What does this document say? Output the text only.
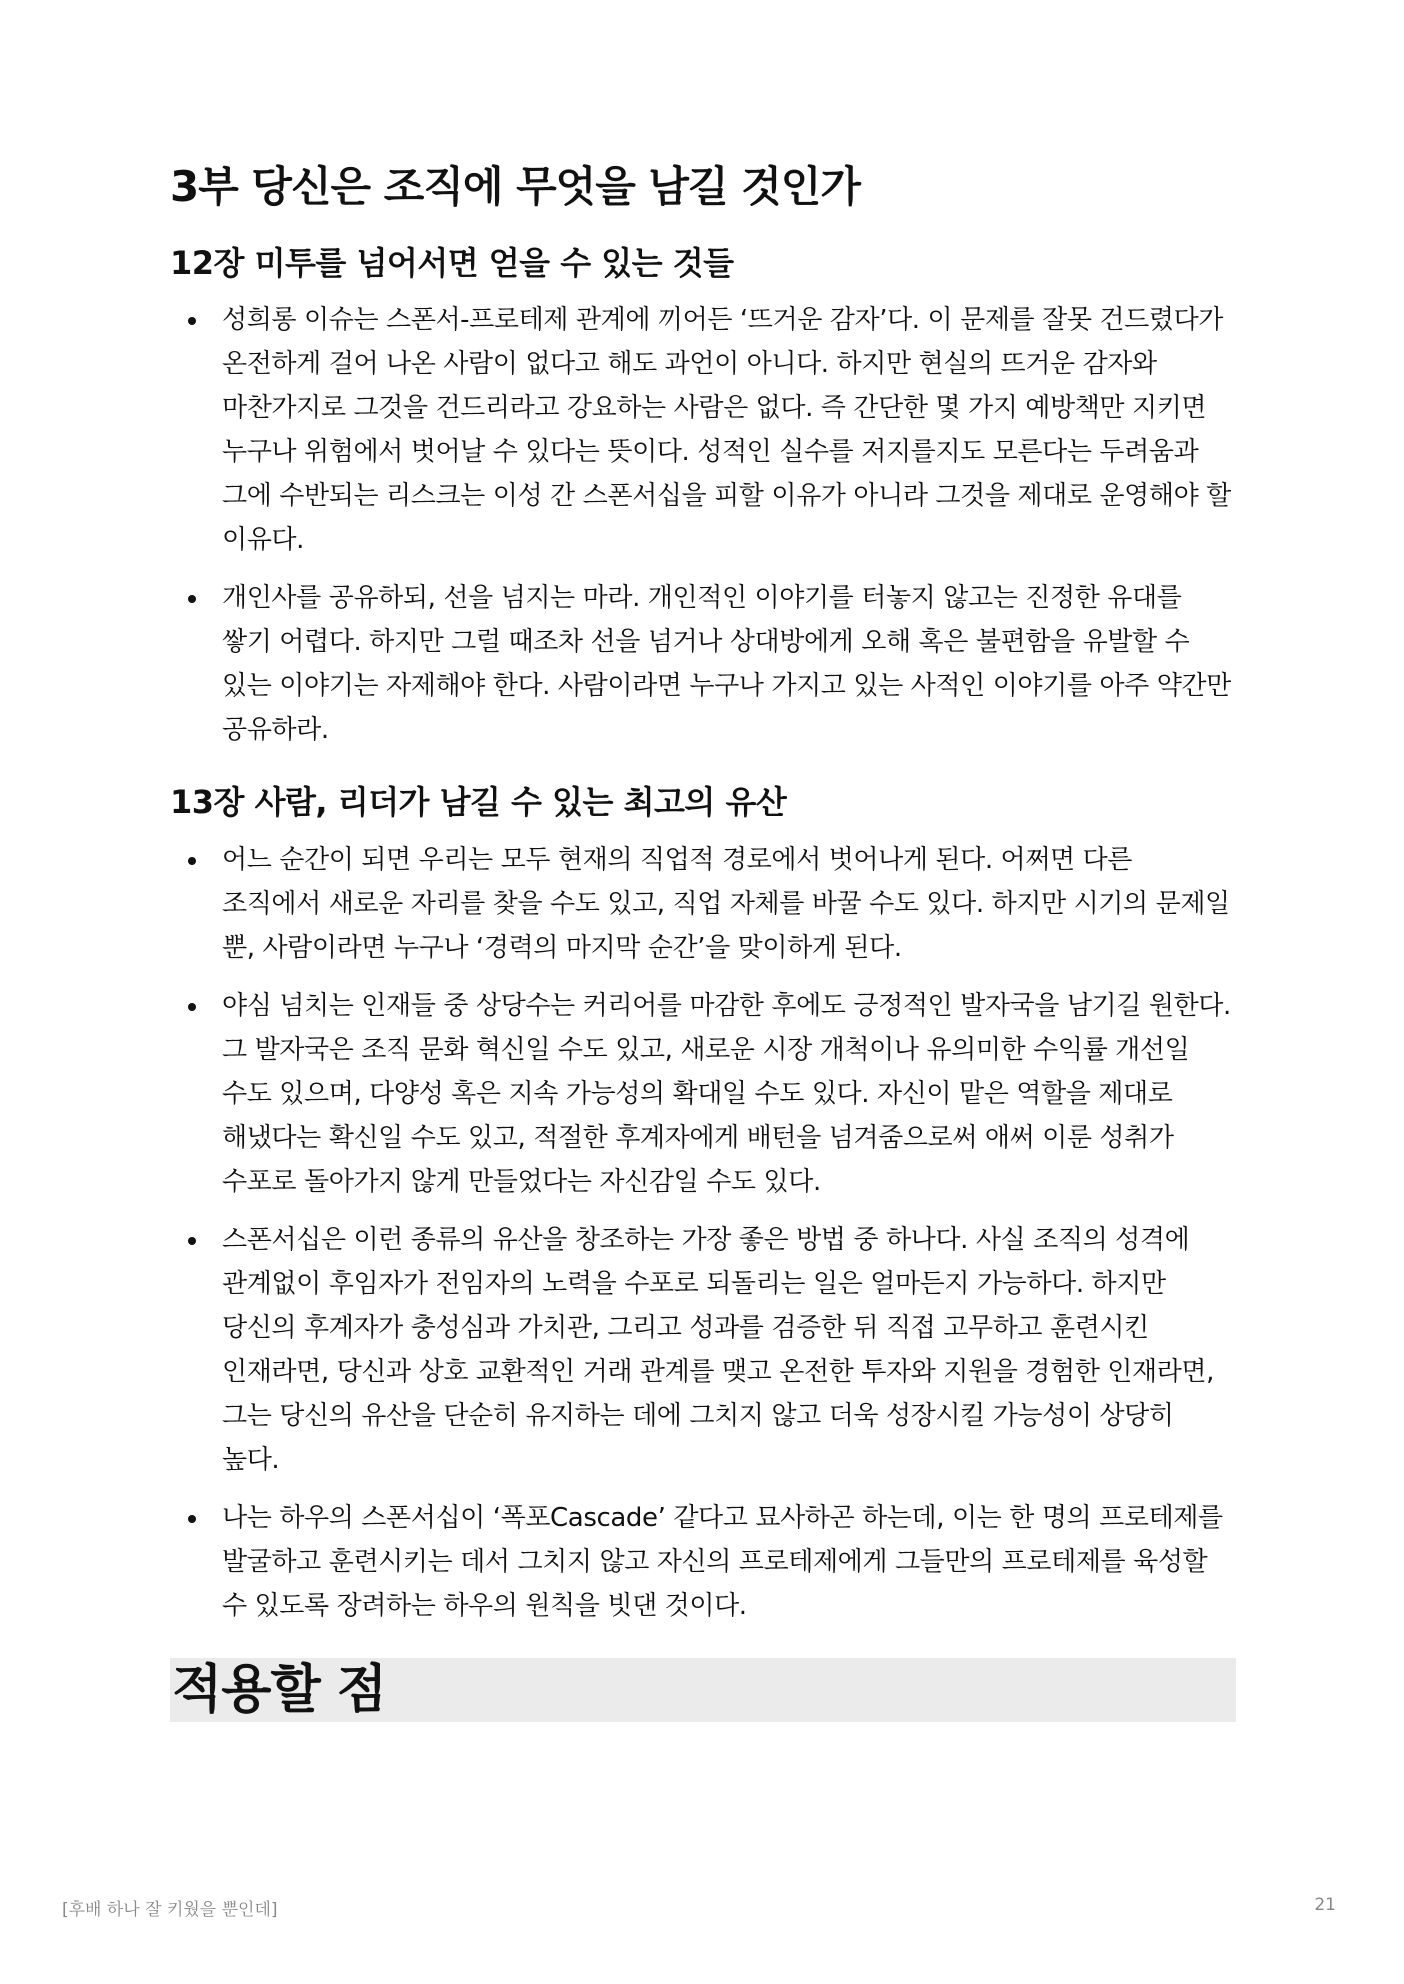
3부 당신은 조직에 무엇을 남길 것인가
12장 미투를 넘어서면 얻을 수 있는 것들
성희롱 이슈는 스폰서-프로테제 관계에 끼어든 ‘뜨거운 감자’다. 이 문제를 잘못 건드렸다가 온전하게 걸어 나온 사람이 없다고 해도 과언이 아니다. 하지만 현실의 뜨거운 감자와 마찬가지로 그것을 건드리라고 강요하는 사람은 없다. 즉 간단한 몇 가지 예방책만 지키면 누구나 위험에서 벗어날 수 있다는 뜻이다. 성적인 실수를 저지를지도 모른다는 두려움과 그에 수반되는 리스크는 이성 간 스폰서십을 피할 이유가 아니라 그것을 제대로 운영해야 할 이유다.
개인사를 공유하되, 선을 넘지는 마라. 개인적인 이야기를 터놓지 않고는 진정한 유대를 쌓기 어렵다. 하지만 그럴 때조차 선을 넘거나 상대방에게 오해 혹은 불편함을 유발할 수 있는 이야기는 자제해야 한다. 사람이라면 누구나 가지고 있는 사적인 이야기를 아주 약간만 공유하라.
13장 사람, 리더가 남길 수 있는 최고의 유산
어느 순간이 되면 우리는 모두 현재의 직업적 경로에서 벗어나게 된다. 어쩌면 다른 조직에서 새로운 자리를 찾을 수도 있고, 직업 자체를 바꿀 수도 있다. 하지만 시기의 문제일 뿐, 사람이라면 누구나 ‘경력의 마지막 순간’을 맞이하게 된다.
야심 넘치는 인재들 중 상당수는 커리어를 마감한 후에도 긍정적인 발자국을 남기길 원한다. 그 발자국은 조직 문화 혁신일 수도 있고, 새로운 시장 개척이나 유의미한 수익률 개선일 수도 있으며, 다양성 혹은 지속 가능성의 확대일 수도 있다. 자신이 맡은 역할을 제대로 해냈다는 확신일 수도 있고, 적절한 후계자에게 배턴을 넘겨줌으로써 애써 이룬 성취가 수포로 돌아가지 않게 만들었다는 자신감일 수도 있다.
스폰서십은 이런 종류의 유산을 창조하는 가장 좋은 방법 중 하나다. 사실 조직의 성격에 관계없이 후임자가 전임자의 노력을 수포로 되돌리는 일은 얼마든지 가능하다. 하지만 당신의 후계자가 충성심과 가치관, 그리고 성과를 검증한 뒤 직접 고무하고 훈련시킨 인재라면, 당신과 상호 교환적인 거래 관계를 맺고 온전한 투자와 지원을 경험한 인재라면, 그는 당신의 유산을 단순히 유지하는 데에 그치지 않고 더욱 성장시킬 가능성이 상당히 높다.
나는 하우의 스폰서십이 ‘폭포Cascade’ 같다고 묘사하곤 하는데, 이는 한 명의 프로테제를 발굴하고 훈련시키는 데서 그치지 않고 자신의 프로테제에게 그들만의 프로테제를 육성할 수 있도록 장려하는 하우의 원칙을 빗댄 것이다.
적용할 점
[후배 하나 잘 키웠을 뿐인데]	21
